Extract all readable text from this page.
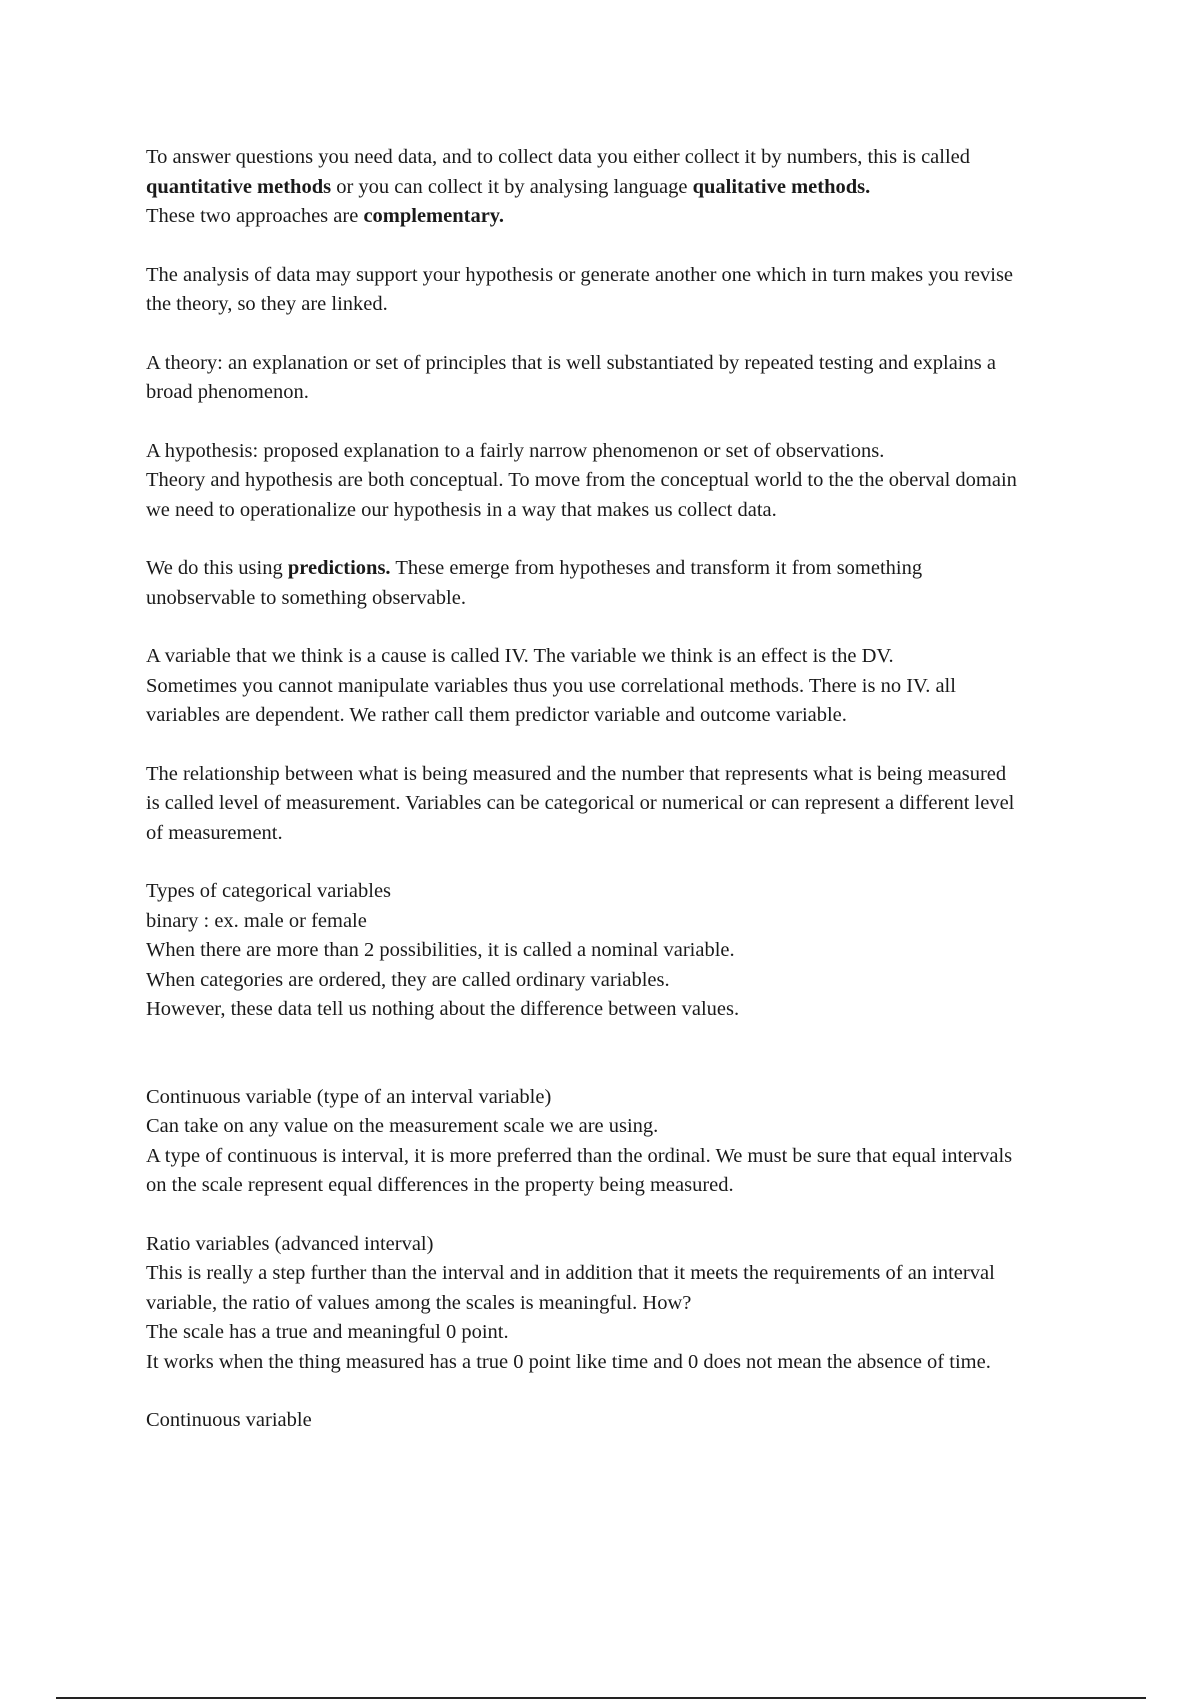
To answer questions you need data, and to collect data you either collect it by numbers, this is called
quantitative methods or you can collect it by analysing language qualitative methods.
These two approaches are complementary.

The analysis of data may support your hypothesis or generate another one which in turn makes you revise
the theory, so they are linked.

A theory: an explanation or set of principles that is well substantiated by repeated testing and explains a
broad phenomenon.

A hypothesis: proposed explanation to a fairly narrow phenomenon or set of observations.
Theory and hypothesis are both conceptual. To move from the conceptual world to the the oberval domain
we need to operationalize our hypothesis in a way that makes us collect data.

We do this using predictions. These emerge from hypotheses and transform it from something
unobservable to something observable.

A variable that we think is a cause is called IV. The variable we think is an effect is the DV.
Sometimes you cannot manipulate variables thus you use correlational methods. There is no IV. all
variables are dependent. We rather call them predictor variable and outcome variable.

The relationship between what is being measured and the number that represents what is being measured
is called level of measurement. Variables can be categorical or numerical or can represent a different level
of measurement.

Types of categorical variables
binary : ex. male or female
When there are more than 2 possibilities, it is called a nominal variable.
When categories are ordered, they are called ordinary variables.
However, these data tell us nothing about the difference between values.

Continuous variable (type of an interval variable)
Can take on any value on the measurement scale we are using.
A type of continuous is interval, it is more preferred than the ordinal. We must be sure that equal intervals
on the scale represent equal differences in the property being measured.

Ratio variables (advanced interval)
This is really a step further than the interval and in addition that it meets the requirements of an interval
variable, the ratio of values among the scales is meaningful. How?
The scale has a true and meaningful 0 point.
It works when the thing measured has a true 0 point like time and 0 does not mean the absence of time.

Continuous variable
